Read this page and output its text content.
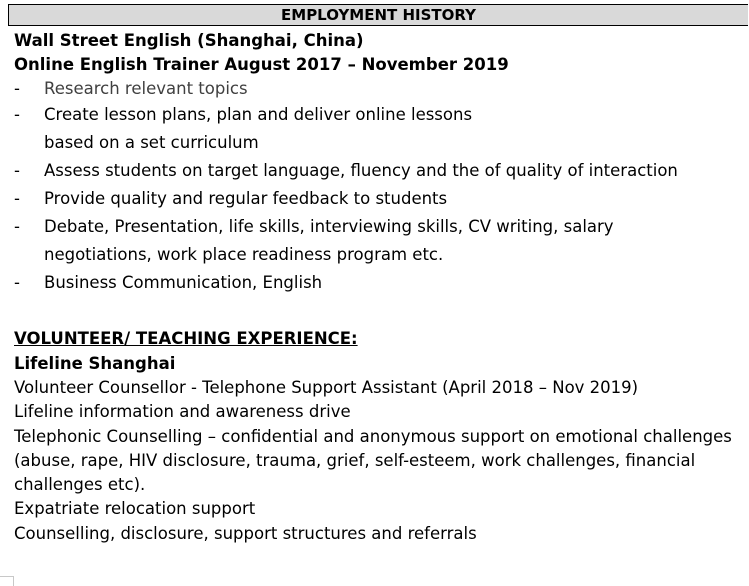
EMPLOYMENT HISTORY
Wall Street English (Shanghai, China)
Online English Trainer August 2017 – November 2019
- Research relevant topics
- Create lesson plans, plan and deliver online lessons
based on a set curriculum
- Assess students on target language, fluency and the of quality of interaction
- Provide quality and regular feedback to students
- Debate, Presentation, life skills, interviewing skills, CV writing, salary
negotiations, work place readiness program etc.
- Business Communication, English
VOLUNTEER/ TEACHING EXPERIENCE:
Lifeline Shanghai
Volunteer Counsellor - Telephone Support Assistant (April 2018 – Nov 2019)
Lifeline information and awareness drive
Telephonic Counselling – confidential and anonymous support on emotional challenges
(abuse, rape, HIV disclosure, trauma, grief, self-esteem, work challenges, financial
challenges etc).
Expatriate relocation support
Counselling, disclosure, support structures and referrals
